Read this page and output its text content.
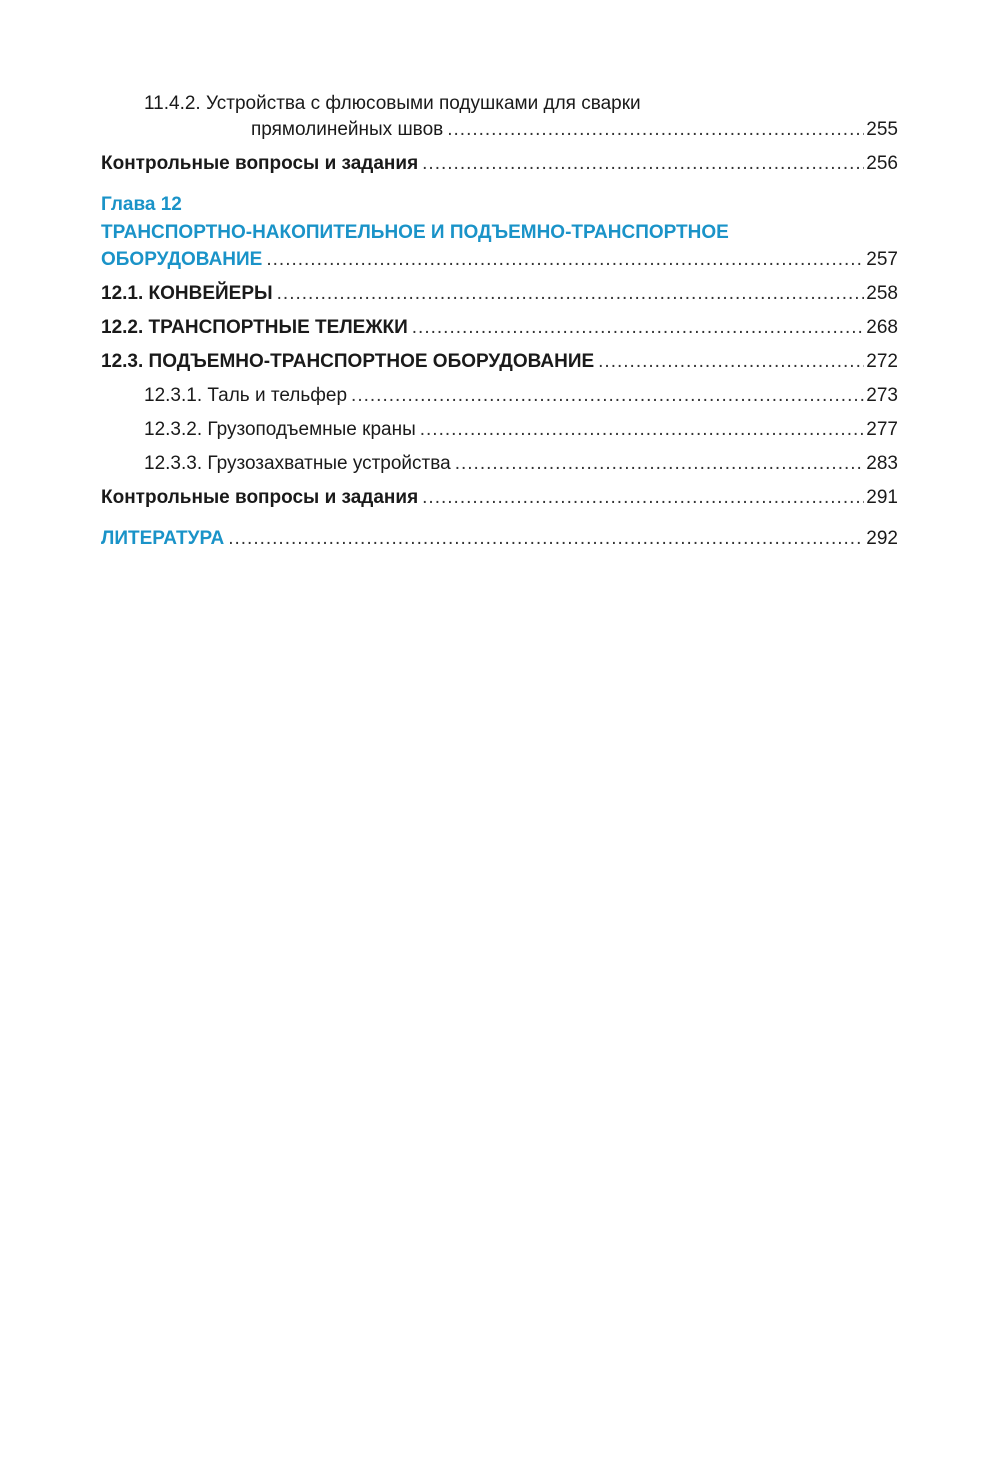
11.4.2. Устройства с флюсовыми подушками для сварки
прямолинейных швов .....	255
Контрольные вопросы и задания .....	256
Глава 12
ТРАНСПОРТНО-НАКОПИТЕЛЬНОЕ И ПОДЪЕМНО-ТРАНСПОРТНОЕ
ОБОРУДОВАНИЕ .....	257
12.1. КОНВЕЙЕРЫ .....	258
12.2. ТРАНСПОРТНЫЕ ТЕЛЕЖКИ .....	268
12.3. ПОДЪЕМНО-ТРАНСПОРТНОЕ ОБОРУДОВАНИЕ .....	272
12.3.1. Таль и тельфер .....	273
12.3.2. Грузоподъемные краны .....	277
12.3.3. Грузозахватные устройства .....	283
Контрольные вопросы и задания .....	291
ЛИТЕРАТУРА .....	292
